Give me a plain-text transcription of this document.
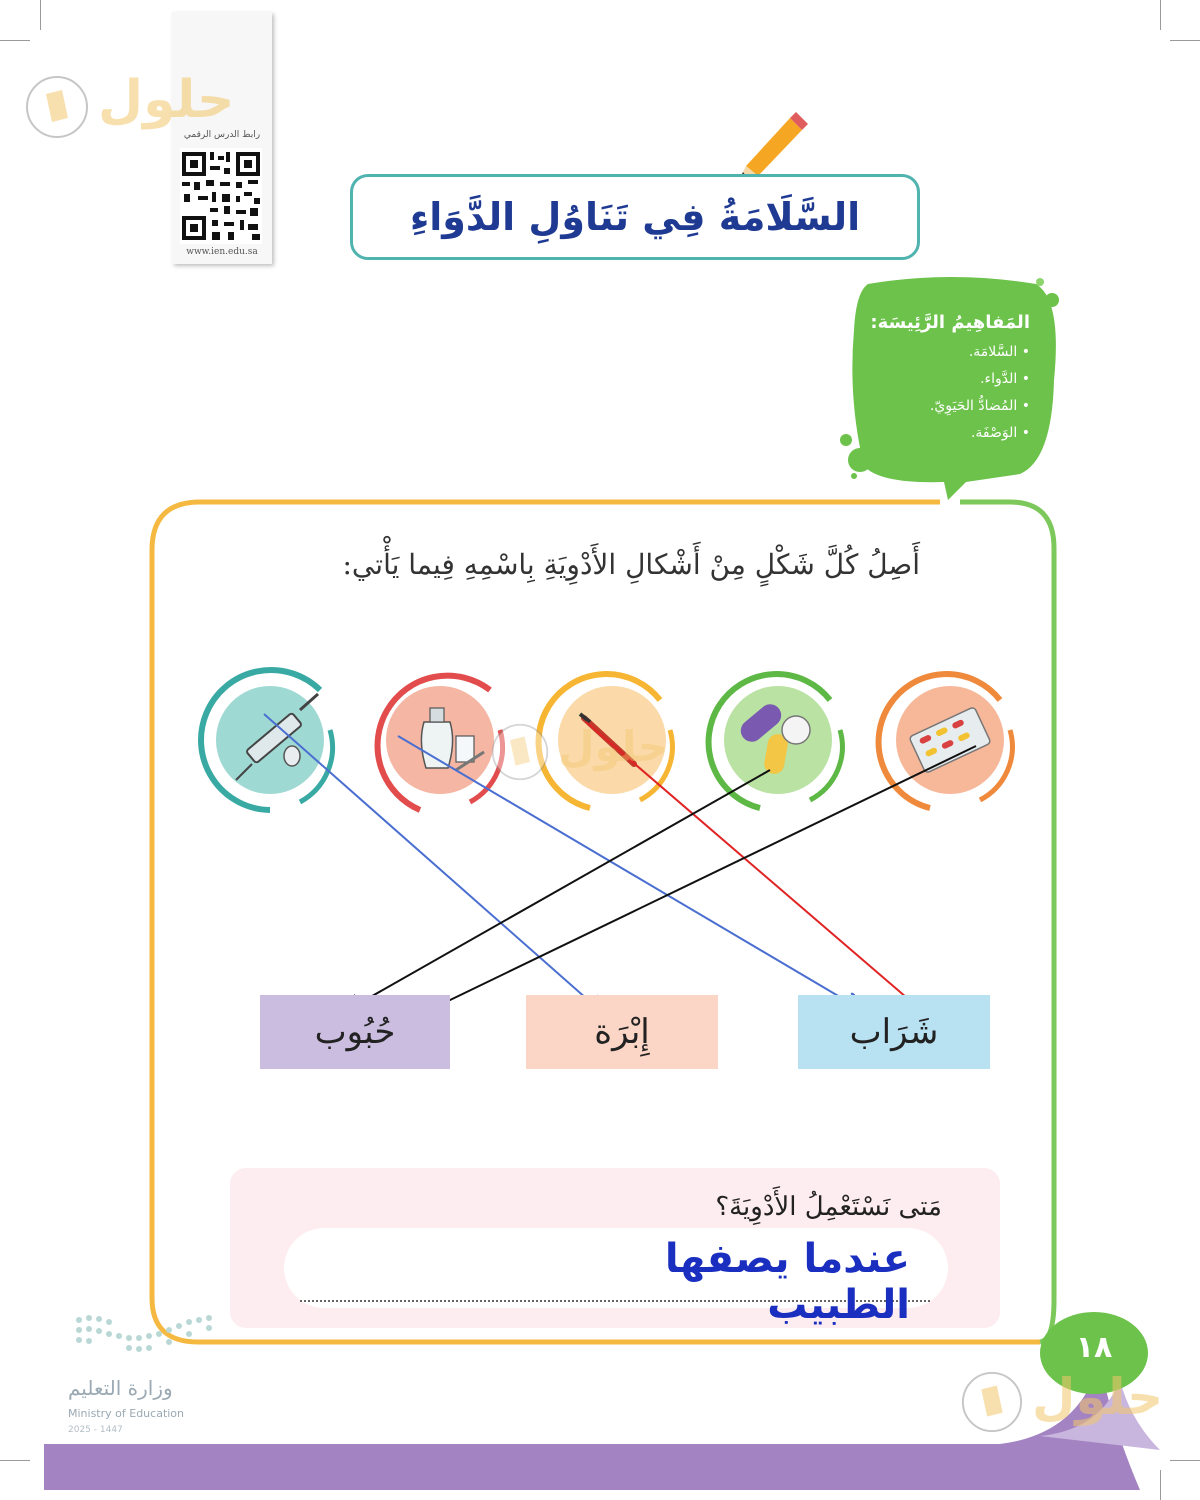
رابط الدرس الرقمي
www.ien.edu.sa
حلول
السَّلَامَةُ فِي تَنَاوُلِ الدَّوَاءِ
المَفاهِيمُ الرَّئِيسَة:
• السَّلامَة.
• الدَّواء.
• المُضادُّ الحَيَوِيّ.
• الوَصْفَة.
أَصِلُ كُلَّ شَكْلٍ مِنْ أَشْكالِ الأَدْوِيَةِ بِاسْمِهِ فِيما يَأْتي:
حُبُوب	إِبْرَة	شَرَاب
حلول
مَتى نَسْتَعْمِلُ الأَدْوِيَةَ؟
عندما يصفها الطبيب
وزارة التعليم
Ministry of Education
2025 - 1447
١٨
حلول
